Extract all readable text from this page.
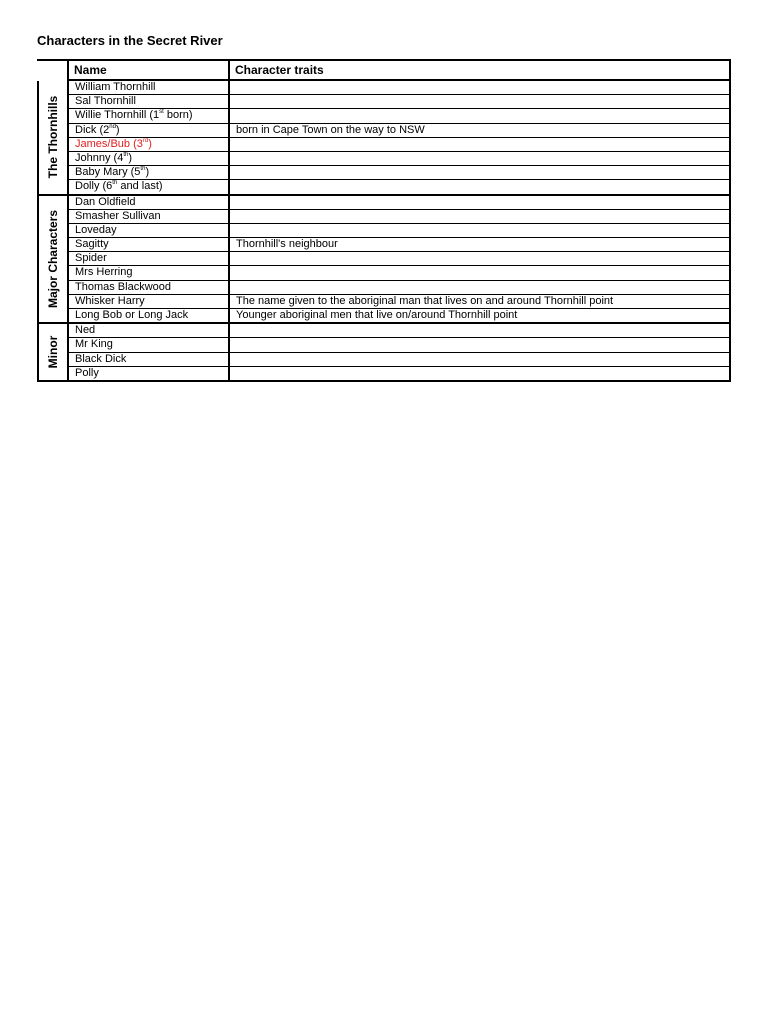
Characters in the Secret River
Name	Character traits
The Thornhills
William Thornhill
Sal Thornhill
Willie Thornhill (1st born)
Dick (2nd)	born in Cape Town on the way to NSW
James/Bub (3rd)
Johnny (4th)
Baby Mary (5th)
Dolly (6th and last)
Major Characters
Dan Oldfield
Smasher Sullivan
Loveday
Sagitty	Thornhill's neighbour
Spider
Mrs Herring
Thomas Blackwood
Whisker Harry	The name given to the aboriginal man that lives on and around Thornhill point
Long Bob or Long Jack	Younger aboriginal men that live on/around Thornhill point
Minor
Ned
Mr King
Black Dick
Polly
